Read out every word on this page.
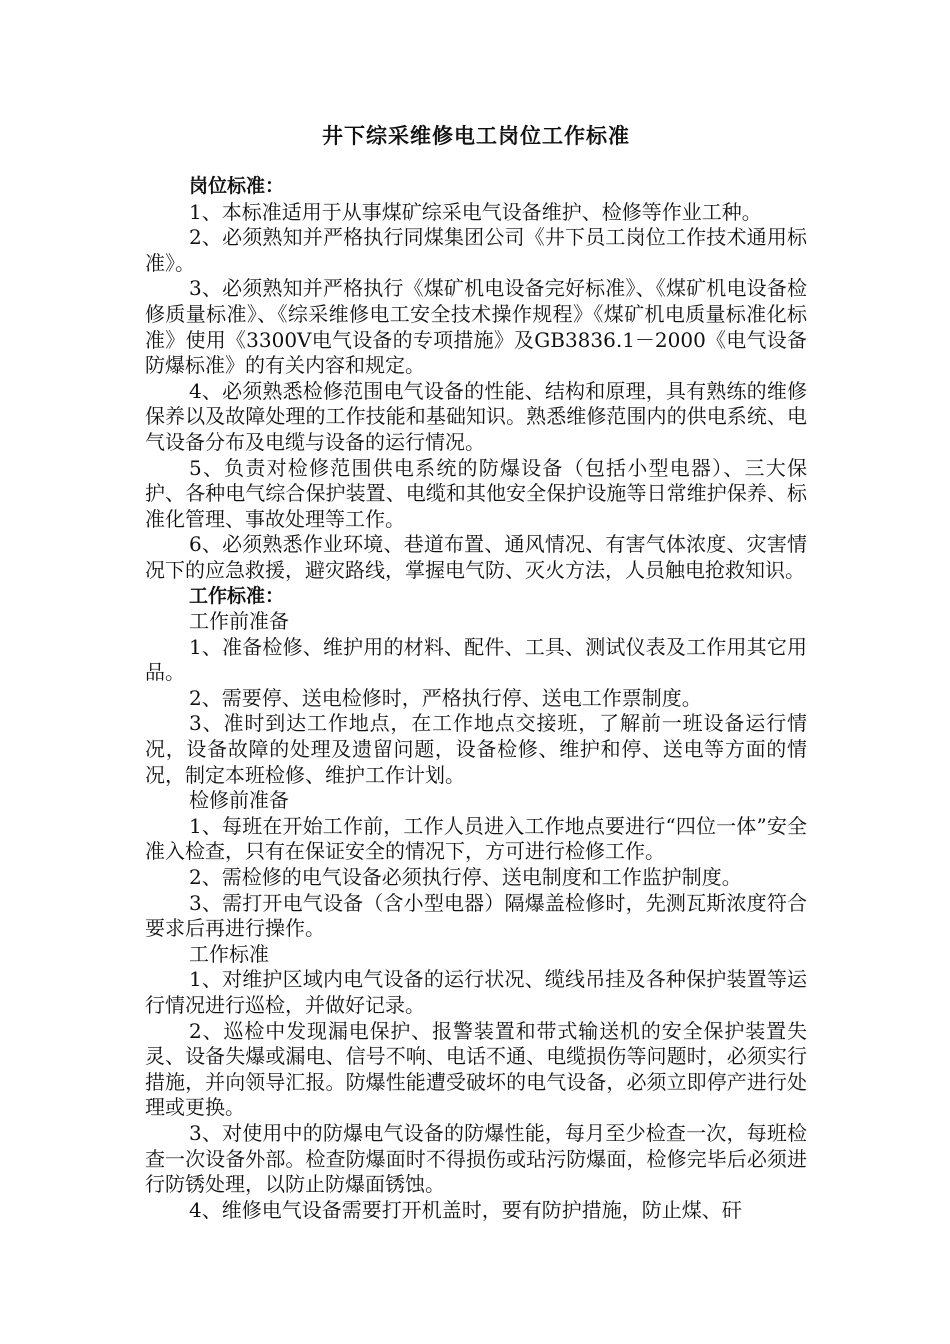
井下综采维修电工岗位工作标准
岗位标准：

1、本标准适用于从事煤矿综采电气设备维护、检修等作业工种。

2、必须熟知并严格执行同煤集团公司《井下员工岗位工作技术通用标准》。

3、必须熟知并严格执行《煤矿机电设备完好标准》、《煤矿机电设备检修质量标准》、《综采维修电工安全技术操作规程》《煤矿机电质量标准化标准》使用《3300V电气设备的专项措施》及GB3836.1－2000《电气设备防爆标准》的有关内容和规定。

4、必须熟悉检修范围电气设备的性能、结构和原理，具有熟练的维修保养以及故障处理的工作技能和基础知识。熟悉维修范围内的供电系统、电气设备分布及电缆与设备的运行情况。

5、负责对检修范围供电系统的防爆设备（包括小型电器）、三大保护、各种电气综合保护装置、电缆和其他安全保护设施等日常维护保养、标准化管理、事故处理等工作。

6、必须熟悉作业环境、巷道布置、通风情况、有害气体浓度、灾害情况下的应急救援，避灾路线，掌握电气防、灭火方法，人员触电抢救知识。

工作标准：
工作前准备

1、准备检修、维护用的材料、配件、工具、测试仪表及工作用其它用品。

2、需要停、送电检修时，严格执行停、送电工作票制度。

3、准时到达工作地点，在工作地点交接班，了解前一班设备运行情况，设备故障的处理及遗留问题，设备检修、维护和停、送电等方面的情况，制定本班检修、维护工作计划。

检修前准备

1、每班在开始工作前，工作人员进入工作地点要进行“四位一体”安全准入检查，只有在保证安全的情况下，方可进行检修工作。

2、需检修的电气设备必须执行停、送电制度和工作监护制度。

3、需打开电气设备（含小型电器）隔爆盖检修时，先测瓦斯浓度符合要求后再进行操作。

工作标准

1、对维护区域内电气设备的运行状况、缆线吊挂及各种保护装置等运行情况进行巡检，并做好记录。

2、巡检中发现漏电保护、报警装置和带式输送机的安全保护装置失灵、设备失爆或漏电、信号不响、电话不通、电缆损伤等问题时，必须实行措施，并向领导汇报。防爆性能遭受破坏的电气设备，必须立即停产进行处理或更换。

3、对使用中的防爆电气设备的防爆性能，每月至少检查一次，每班检查一次设备外部。检查防爆面时不得损伤或玷污防爆面，检修完毕后必须进行防锈处理，以防止防爆面锈蚀。

4、维修电气设备需要打开机盖时，要有防护措施，防止煤、矸
